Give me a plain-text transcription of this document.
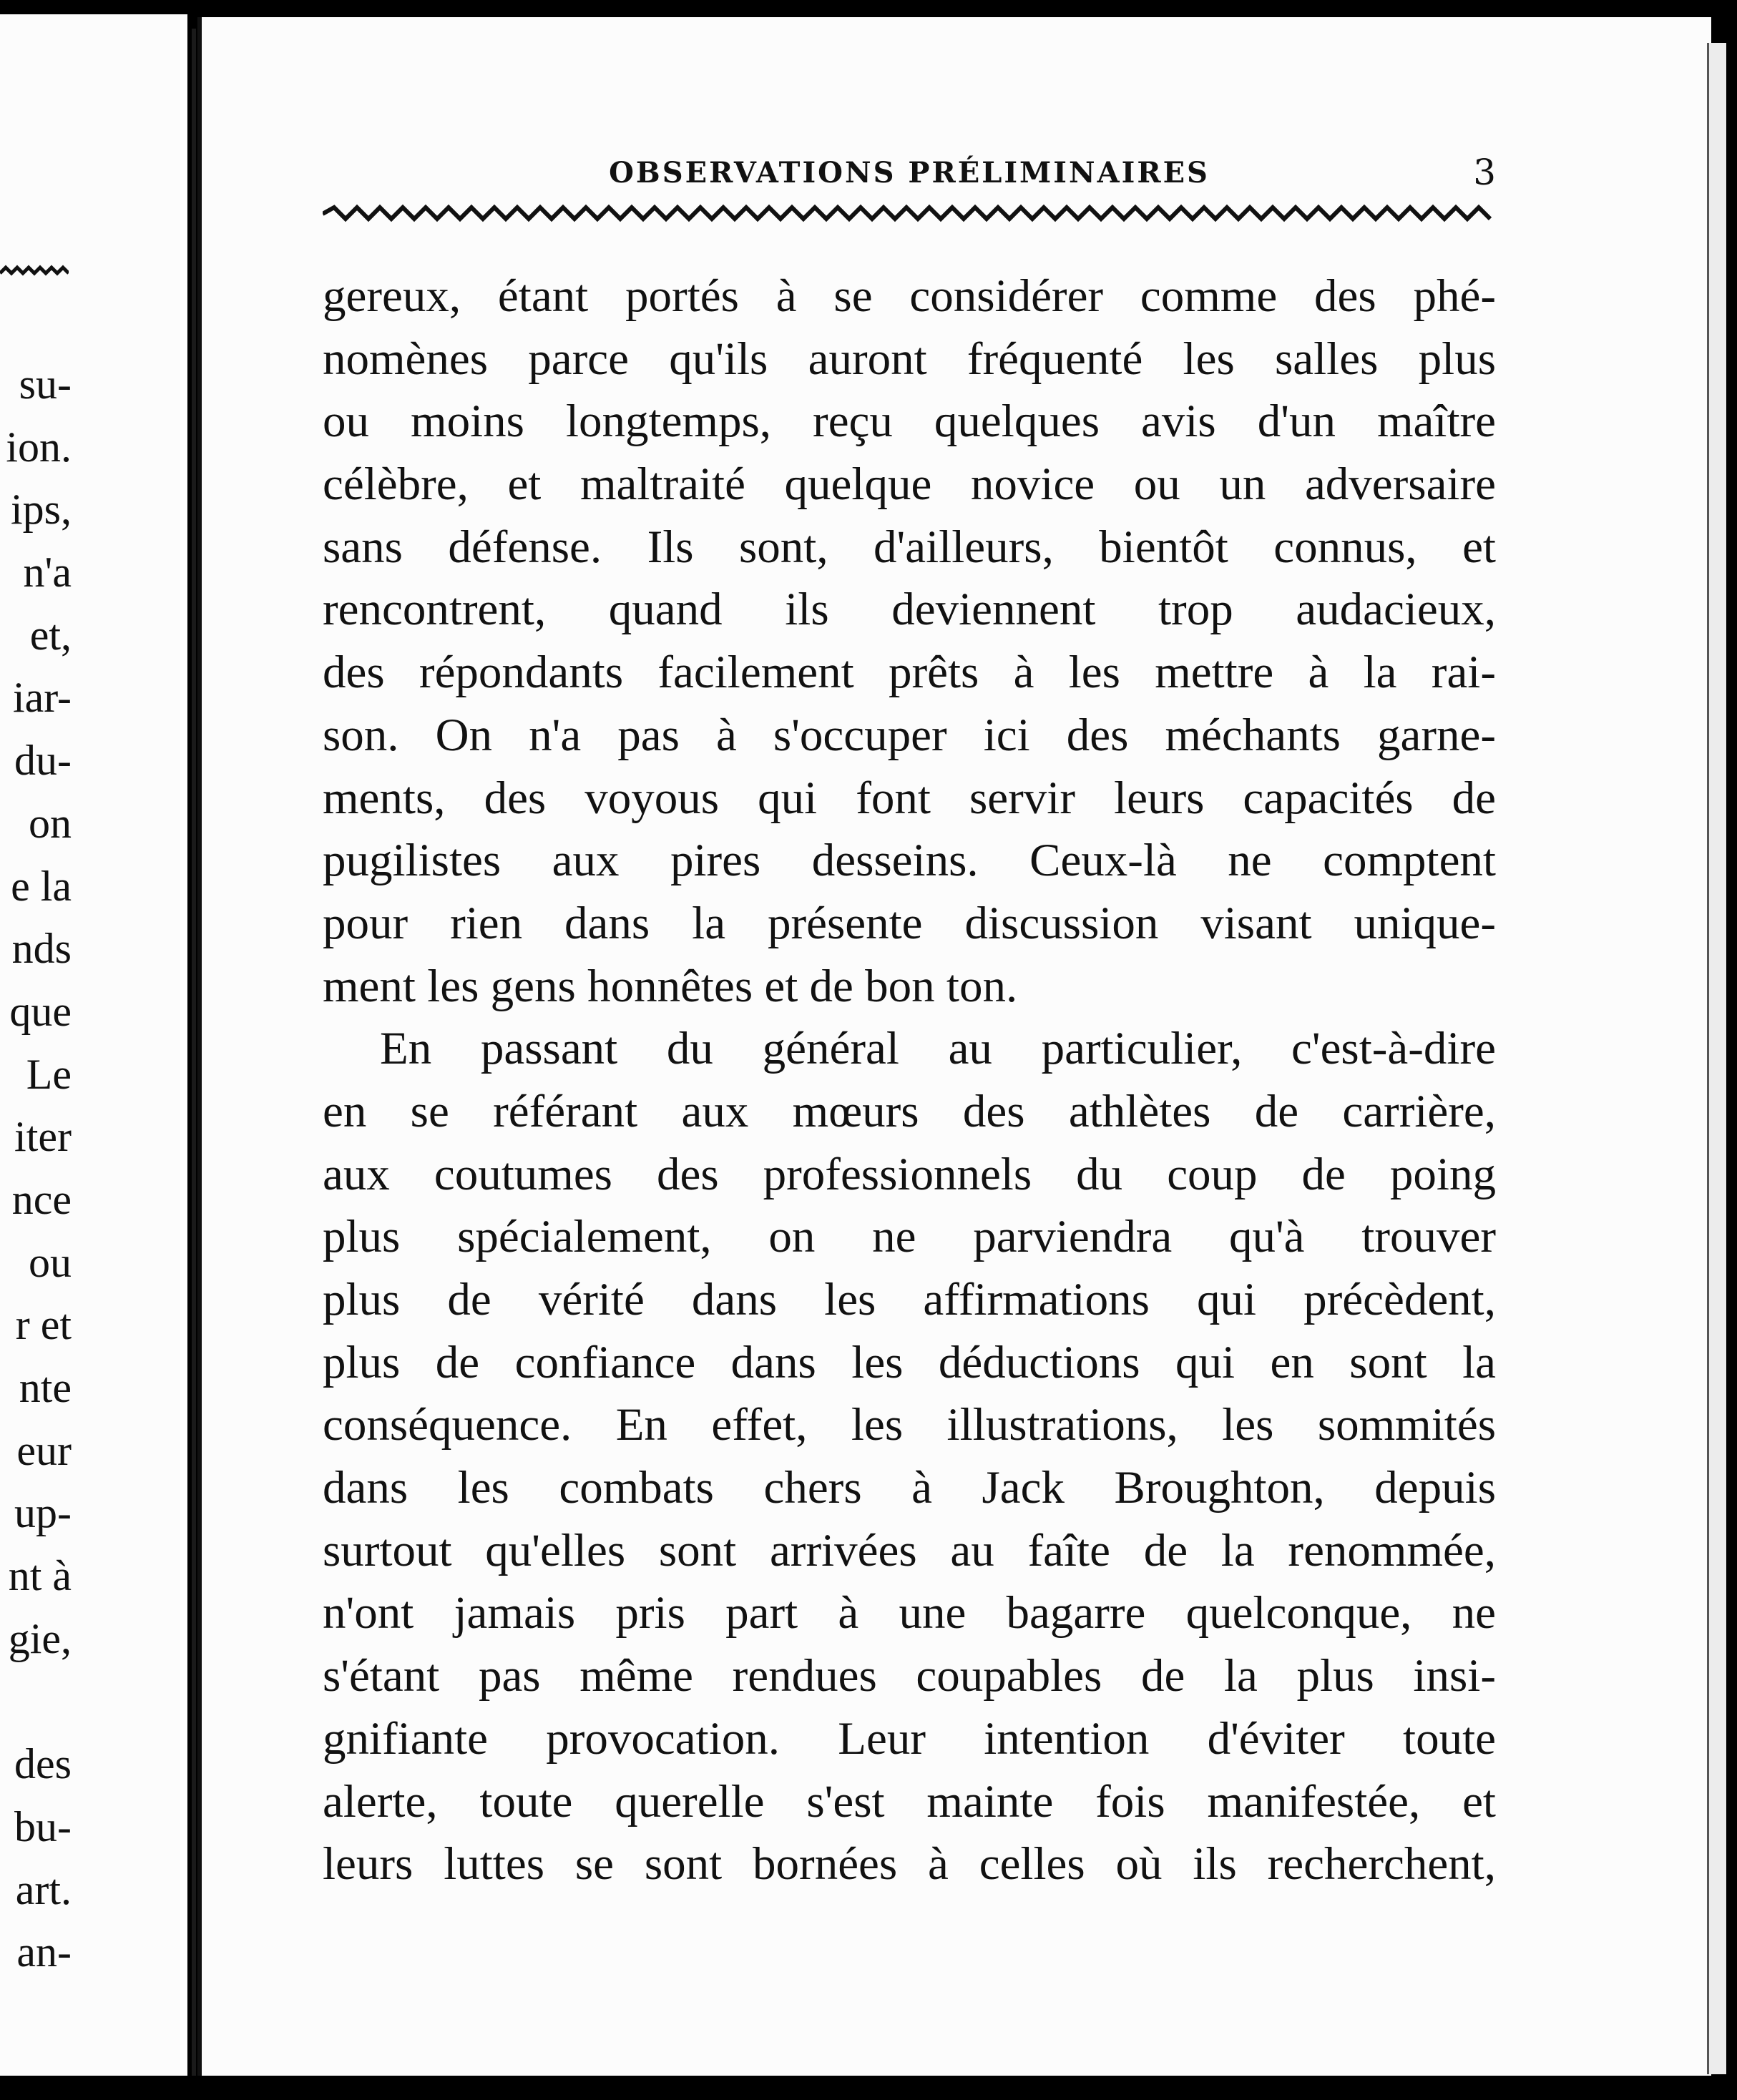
su-
ion.
ips,
n'a
et,
iar-
du-
on
e la
nds
que
Le
iter
nce
ou
r et
nte
eur
up-
nt à
gie,
des
bu-
art.
an-
OBSERVATIONS PRÉLIMINAIRES	3
gereux, étant portés à se considérer comme des phé-
nomènes parce qu'ils auront fréquenté les salles plus
ou moins longtemps, reçu quelques avis d'un maître
célèbre, et maltraité quelque novice ou un adversaire
sans défense. Ils sont, d'ailleurs, bientôt connus, et
rencontrent, quand ils deviennent trop audacieux,
des répondants facilement prêts à les mettre à la rai-
son. On n'a pas à s'occuper ici des méchants garne-
ments, des voyous qui font servir leurs capacités de
pugilistes aux pires desseins. Ceux-là ne comptent
pour rien dans la présente discussion visant unique-
ment les gens honnêtes et de bon ton.
En passant du général au particulier, c'est-à-dire
en se référant aux mœurs des athlètes de carrière,
aux coutumes des professionnels du coup de poing
plus spécialement, on ne parviendra qu'à trouver
plus de vérité dans les affirmations qui précèdent,
plus de confiance dans les déductions qui en sont la
conséquence. En effet, les illustrations, les sommités
dans les combats chers à Jack Broughton, depuis
surtout qu'elles sont arrivées au faîte de la renommée,
n'ont jamais pris part à une bagarre quelconque, ne
s'étant pas même rendues coupables de la plus insi-
gnifiante provocation. Leur intention d'éviter toute
alerte, toute querelle s'est mainte fois manifestée, et
leurs luttes se sont bornées à celles où ils recherchent,
